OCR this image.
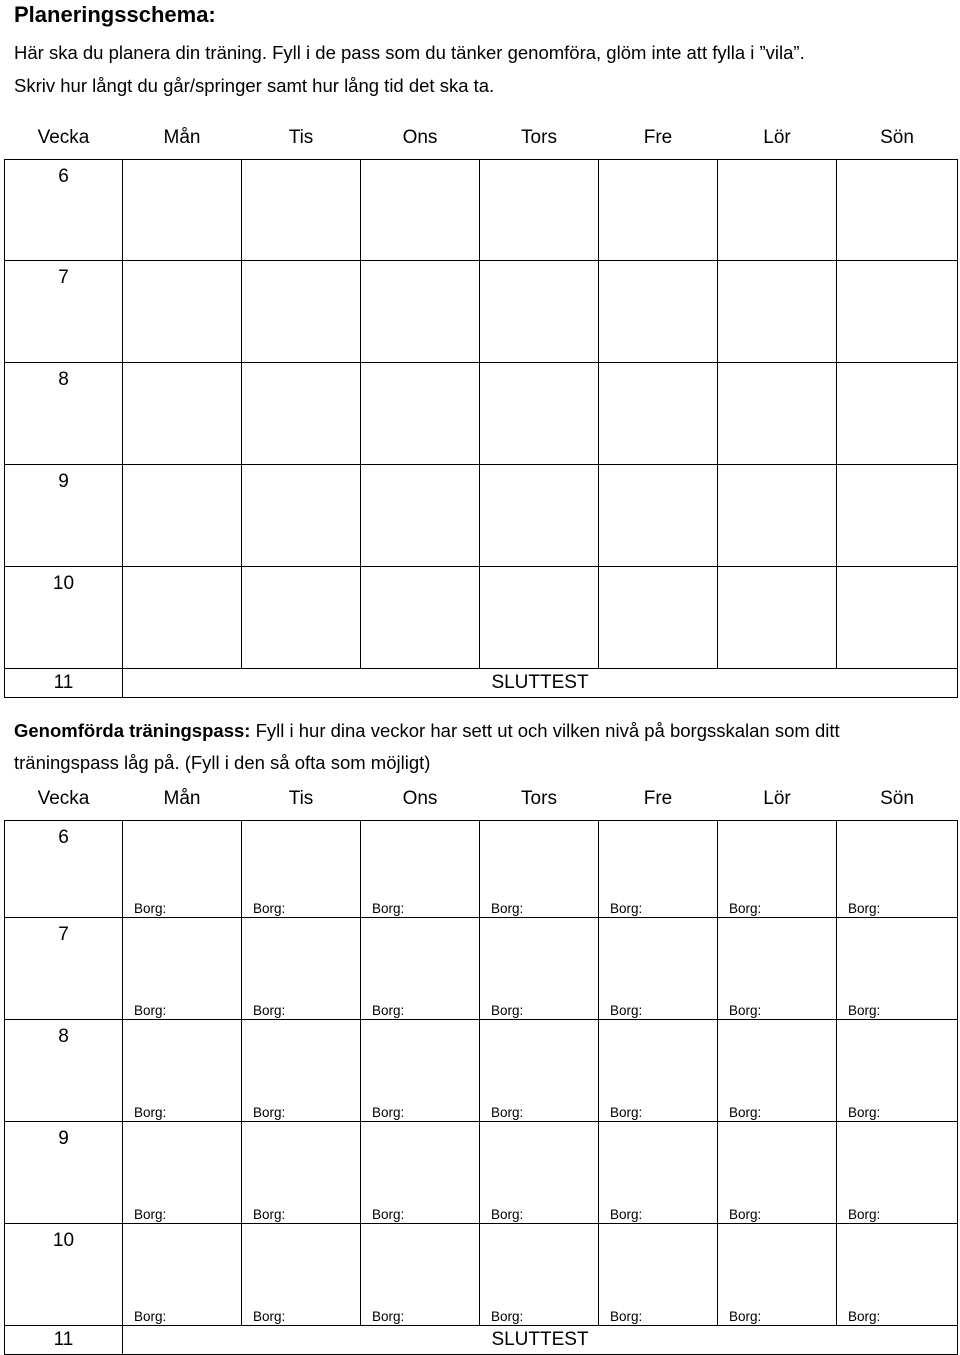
Planeringsschema:
Här ska du planera din träning. Fyll i de pass som du tänker genomföra, glöm inte att fylla i ”vila”.
Skriv hur långt du går/springer samt hur lång tid det ska ta.
Vecka	Mån	Tis	Ons	Tors	Fre	Lör	Sön
6							
7							
8							
9							
10							
11	SLUTTEST						
Genomförda träningspass: Fyll i hur dina veckor har sett ut och vilken nivå på borgsskalan som ditt
träningspass låg på. (Fyll i den så ofta som möjligt)
Vecka	Mån	Tis	Ons	Tors	Fre	Lör	Sön
6	Borg:	Borg:	Borg:	Borg:	Borg:	Borg:	Borg:

7	Borg:	Borg:	Borg:	Borg:	Borg:	Borg:	Borg:

8	Borg:	Borg:	Borg:	Borg:	Borg:	Borg:	Borg:

9	Borg:	Borg:	Borg:	Borg:	Borg:	Borg:	Borg:

10	Borg:	Borg:	Borg:	Borg:	Borg:	Borg:	Borg:

11	SLUTTEST						
